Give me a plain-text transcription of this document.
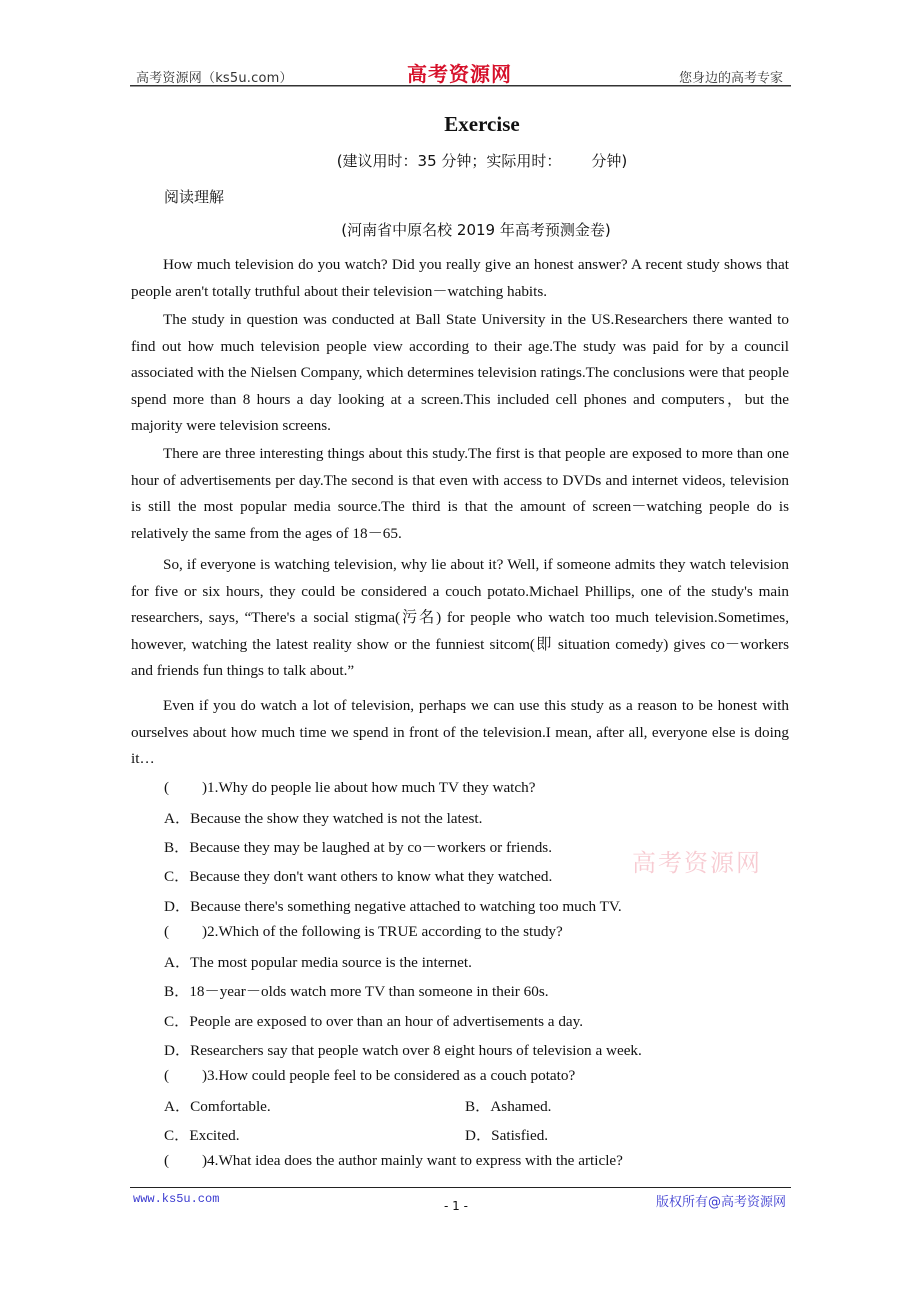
高考资源网（ks5u.com）	高考资源网	您身边的高考专家
Exercise
(建议用时：35 分钟；实际用时： 分钟)
阅读理解
(河南省中原名校 2019 年高考预测金卷)

How much television do you watch? Did you really give an honest answer? A recent study shows that people aren't totally truthful about their television－watching habits.

The study in question was conducted at Ball State University in the US.Researchers there wanted to find out how much television people view according to their age.The study was paid for by a council associated with the Nielsen Company, which determines television ratings.The conclusions were that people spend more than 8 hours a day looking at a screen.This included cell phones and computers，but the majority were television screens.

There are three interesting things about this study.The first is that people are exposed to more than one hour of advertisements per day.The second is that even with access to DVDs and internet videos, television is still the most popular media source.The third is that the amount of screen－watching people do is relatively the same from the ages of 18－65.

So, if everyone is watching television, why lie about it? Well, if someone admits they watch television for five or six hours, they could be considered a couch potato.Michael Phillips, one of the study's main researchers, says, “There's a social stigma(污名) for people who watch too much television.Sometimes, however, watching the latest reality show or the funniest sitcom(即 situation comedy) gives co－workers and friends fun things to talk about.”

Even if you do watch a lot of television, perhaps we can use this study as a reason to be honest with ourselves about how much time we spend in front of the television.I mean, after all, everyone else is doing it…

( )1.Why do people lie about how much TV they watch?
A．Because the show they watched is not the latest.
B．Because they may be laughed at by co－workers or friends.
C．Because they don't want others to know what they watched.
D．Because there's something negative attached to watching too much TV.
( )2.Which of the following is TRUE according to the study?
A．The most popular media source is the internet.
B．18－year－olds watch more TV than someone in their 60s.
C．People are exposed to over than an hour of advertisements a day.
D．Researchers say that people watch over 8 eight hours of television a week.
( )3.How could people feel to be considered as a couch potato?
A．Comfortable.	B．Ashamed.
C．Excited.	D．Satisfied.
( )4.What idea does the author mainly want to express with the article?
高考资源网
www.ks5u.com	- 1 -	版权所有@高考资源网
